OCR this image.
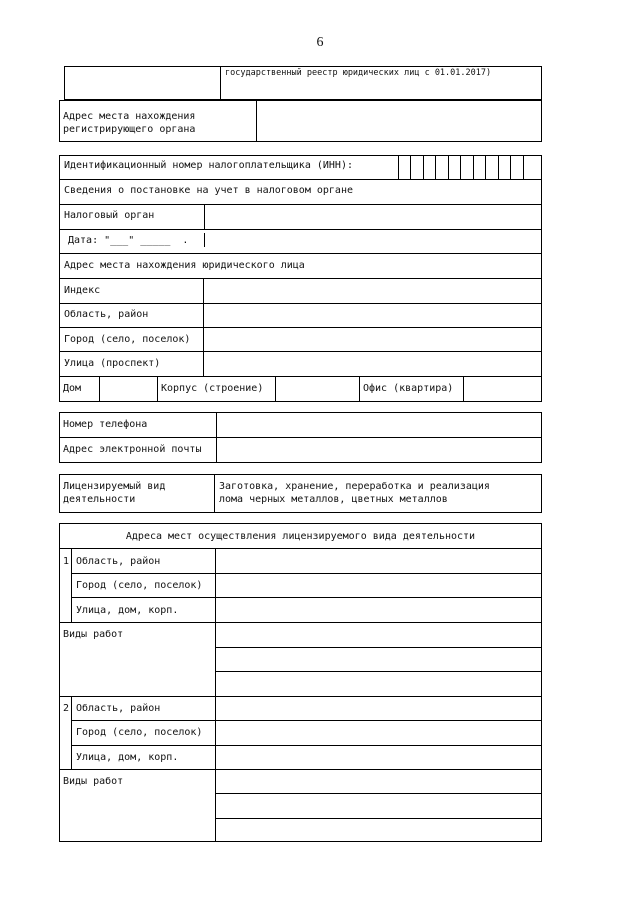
6
государственный реестр юридических лиц с 01.01.2017)
Адрес места нахождения
регистрирующего органа
Идентификационный номер налогоплательщика (ИНН):
Сведения о постановке на учет в налоговом органе
Налоговый орган
Дата: "___" _____  .
Адрес места нахождения юридического лица
Индекс
Область, район
Город (село, поселок)
Улица (проспект)
Дом	Корпус (строение)	Офис (квартира)
Номер телефона
Адрес электронной почты
Лицензируемый вид
деятельности
Заготовка, хранение, переработка и реализация
лома черных металлов, цветных металлов
Адреса мест осуществления лицензируемого вида деятельности
1 Область, район
Город (село, поселок)
Улица, дом, корп.
Виды работ
2 Область, район
Город (село, поселок)
Улица, дом, корп.
Виды работ
